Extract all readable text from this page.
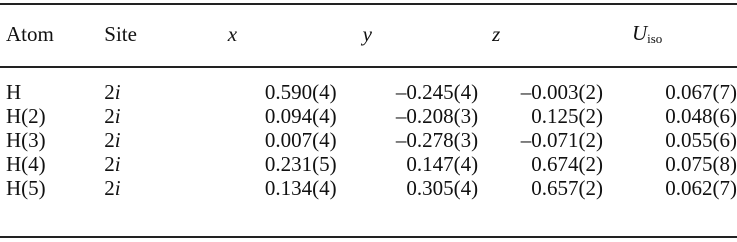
Atom	Site	x	y	z	$U_{iso}$

H	2i	0.590(4)	–0.245(4)	–0.003(2)	0.067(7)
H(2)	2i	0.094(4)	–0.208(3)	0.125(2)	0.048(6)
H(3)	2i	0.007(4)	–0.278(3)	–0.071(2)	0.055(6)
H(4)	2i	0.231(5)	0.147(4)	0.674(2)	0.075(8)
H(5)	2i	0.134(4)	0.305(4)	0.657(2)	0.062(7)
